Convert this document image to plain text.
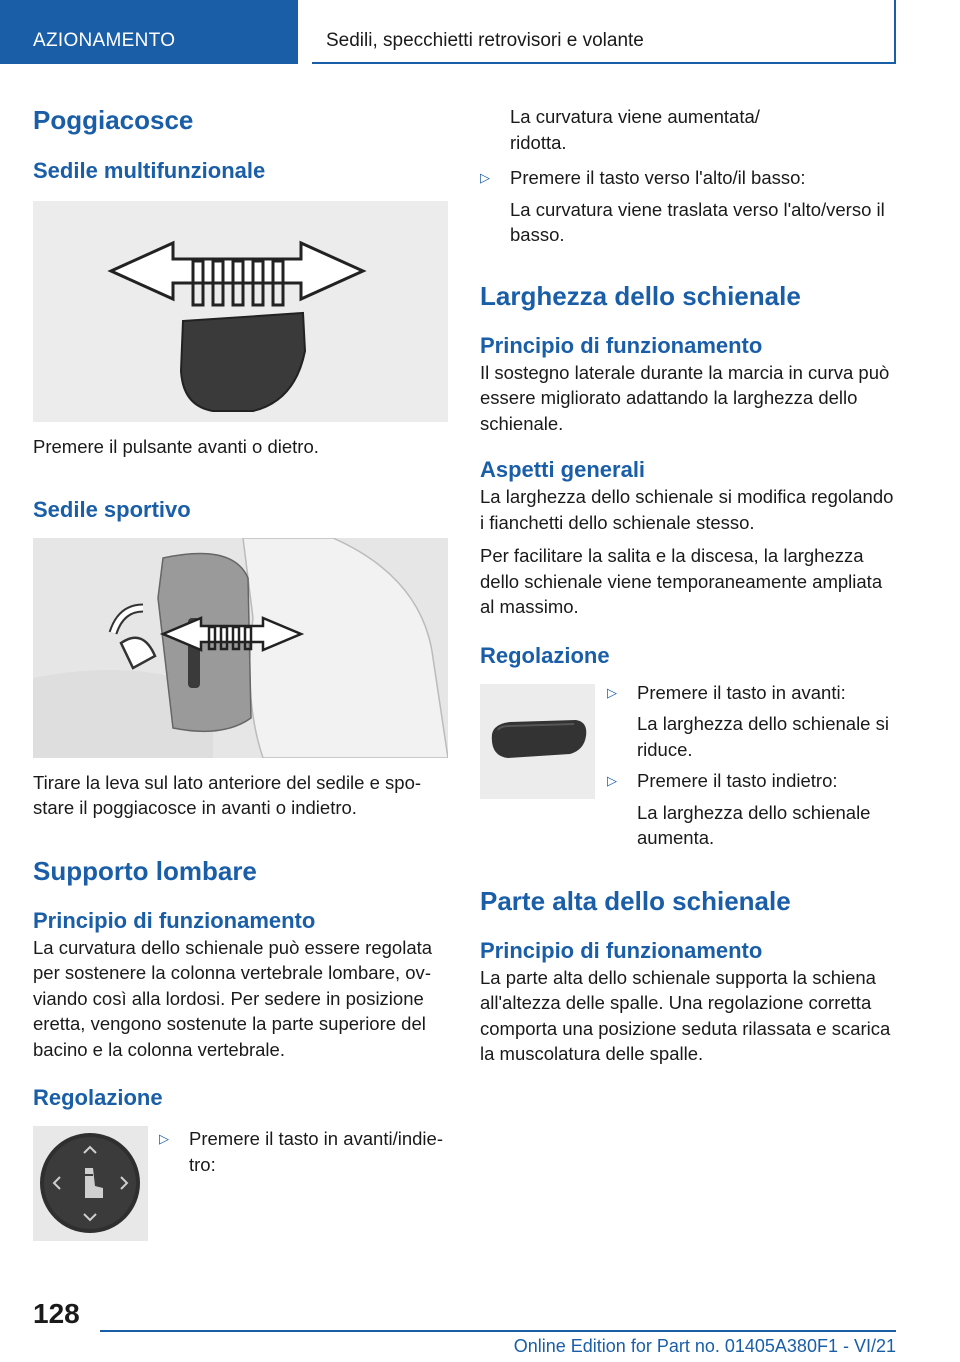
AZIONAMENTO	Sedili, specchietti retrovisori e volante
Poggiacosce
Sedile multifunzionale
Premere il pulsante avanti o dietro.
Sedile sportivo
Tirare la leva sul lato anteriore del sedile e spostare il poggiacosce in avanti o indietro.
Supporto lombare
Principio di funzionamento
La curvatura dello schienale può essere regolata per sostenere la colonna vertebrale lombare, ovviando così alla lordosi. Per sedere in posizione eretta, vengono sostenute la parte superiore del bacino e la colonna vertebrale.
Regolazione
▷	Premere il tasto in avanti/indietro:
La curvatura viene aumentata/ ridotta.
▷	Premere il tasto verso l'alto/il basso:
La curvatura viene traslata verso l'alto/verso il basso.
Larghezza dello schienale
Principio di funzionamento
Il sostegno laterale durante la marcia in curva può essere migliorato adattando la larghezza dello schienale.
Aspetti generali
La larghezza dello schienale si modifica regolando i fianchetti dello schienale stesso.
Per facilitare la salita e la discesa, la larghezza dello schienale viene temporaneamente ampliata al massimo.
Regolazione
▷	Premere il tasto in avanti:
La larghezza dello schienale si riduce.
▷	Premere il tasto indietro:
La larghezza dello schienale aumenta.
Parte alta dello schienale
Principio di funzionamento
La parte alta dello schienale supporta la schiena all'altezza delle spalle. Una regolazione corretta comporta una posizione seduta rilassata e scarica la muscolatura delle spalle.
128
Online Edition for Part no. 01405A380F1 - VI/21
